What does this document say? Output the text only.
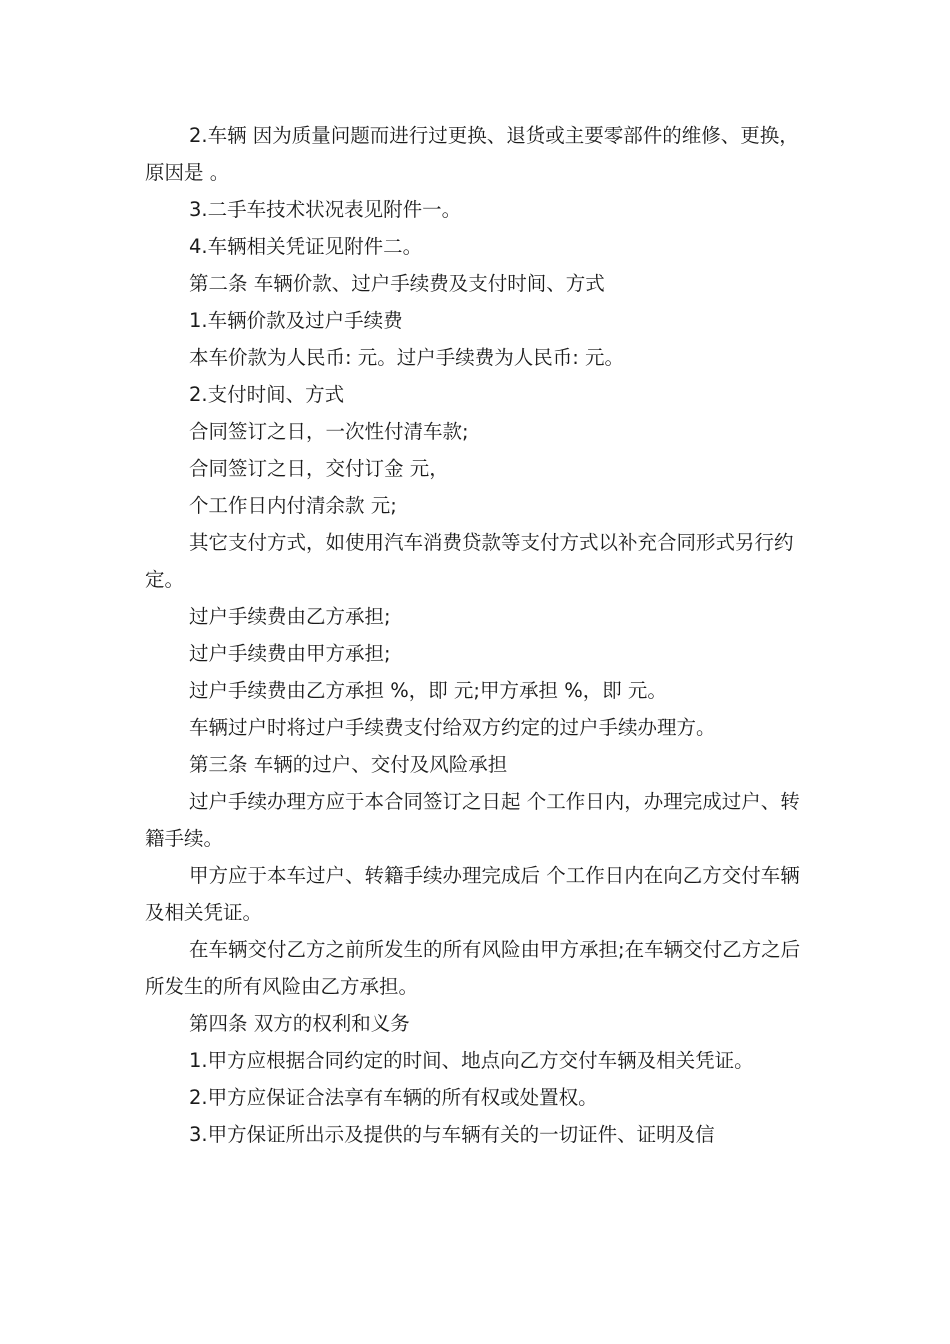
2.车辆 因为质量问题而进行过更换、退货或主要零部件的维修、更换，原因是 。

3.二手车技术状况表见附件一。

4.车辆相关凭证见附件二。

第二条 车辆价款、过户手续费及支付时间、方式

1.车辆价款及过户手续费

本车价款为人民币: 元。过户手续费为人民币: 元。

2.支付时间、方式

合同签订之日，一次性付清车款;

合同签订之日，交付订金 元，

个工作日内付清余款 元;

其它支付方式，如使用汽车消费贷款等支付方式以补充合同形式另行约定。

过户手续费由乙方承担;

过户手续费由甲方承担;

过户手续费由乙方承担 %，即 元;甲方承担 %，即 元。

车辆过户时将过户手续费支付给双方约定的过户手续办理方。

第三条 车辆的过户、交付及风险承担

过户手续办理方应于本合同签订之日起 个工作日内，办理完成过户、转籍手续。

甲方应于本车过户、转籍手续办理完成后 个工作日内在向乙方交付车辆及相关凭证。

在车辆交付乙方之前所发生的所有风险由甲方承担;在车辆交付乙方之后所发生的所有风险由乙方承担。

第四条 双方的权利和义务

1.甲方应根据合同约定的时间、地点向乙方交付车辆及相关凭证。

2.甲方应保证合法享有车辆的所有权或处置权。

3.甲方保证所出示及提供的与车辆有关的一切证件、证明及信
